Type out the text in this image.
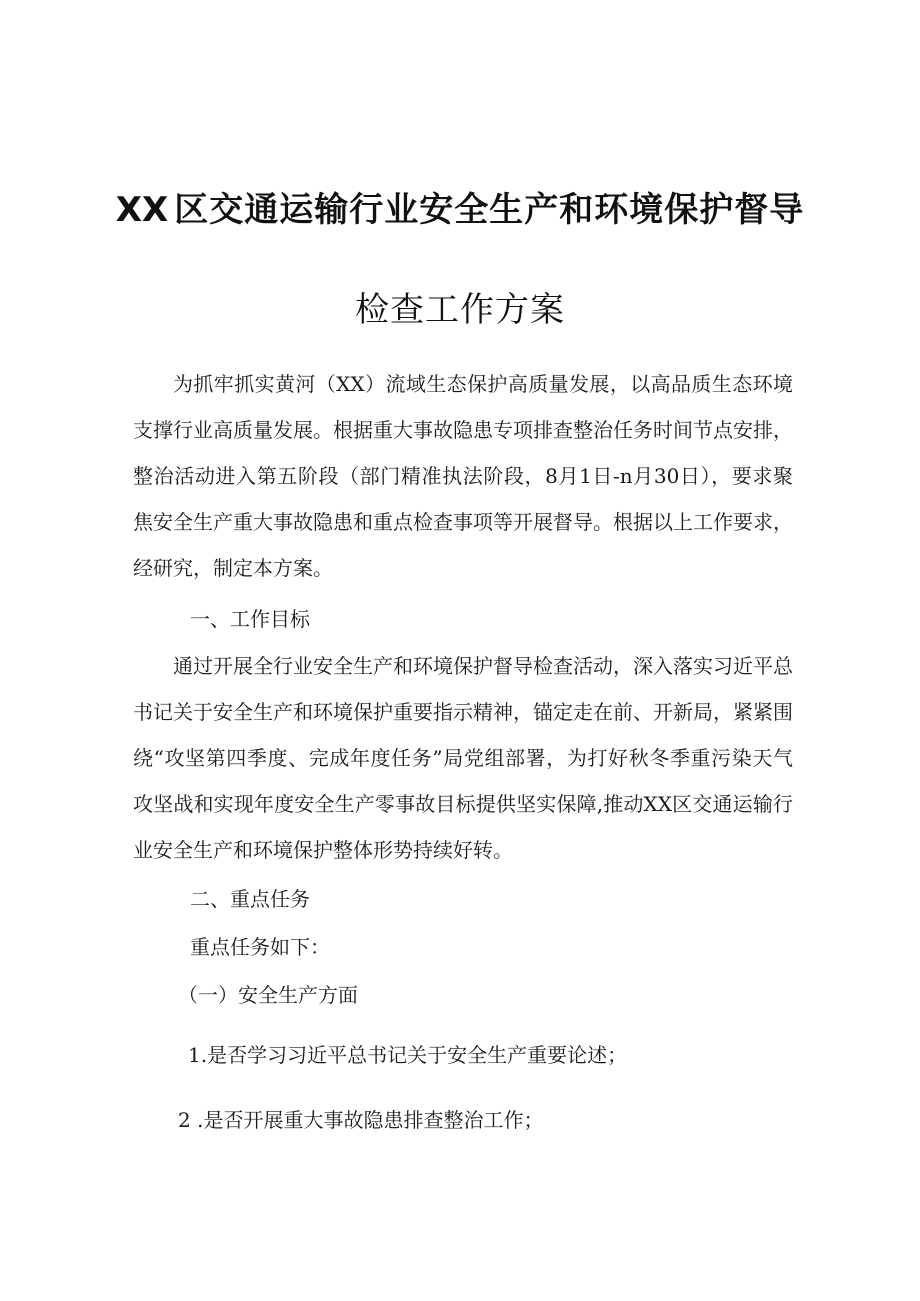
XX 区交通运输行业安全生产和环境保护督导
检查工作方案

为抓牢抓实黄河（XX）流域生态保护高质量发展，以高品质生态环境支撑行业高质量发展。根据重大事故隐患专项排查整治任务时间节点安排，整治活动进入第五阶段（部门精准执法阶段，8月1日-n月30日），要求聚焦安全生产重大事故隐患和重点检查事项等开展督导。根据以上工作要求，经研究，制定本方案。

一、工作目标

通过开展全行业安全生产和环境保护督导检查活动，深入落实习近平总书记关于安全生产和环境保护重要指示精神，锚定走在前、开新局，紧紧围绕“攻坚第四季度、完成年度任务”局党组部署，为打好秋冬季重污染天气攻坚战和实现年度安全生产零事故目标提供坚实保障,推动XX区交通运输行业安全生产和环境保护整体形势持续好转。

二、重点任务
重点任务如下：
（一）安全生产方面
1.是否学习习近平总书记关于安全生产重要论述；
2 .是否开展重大事故隐患排查整治工作；
